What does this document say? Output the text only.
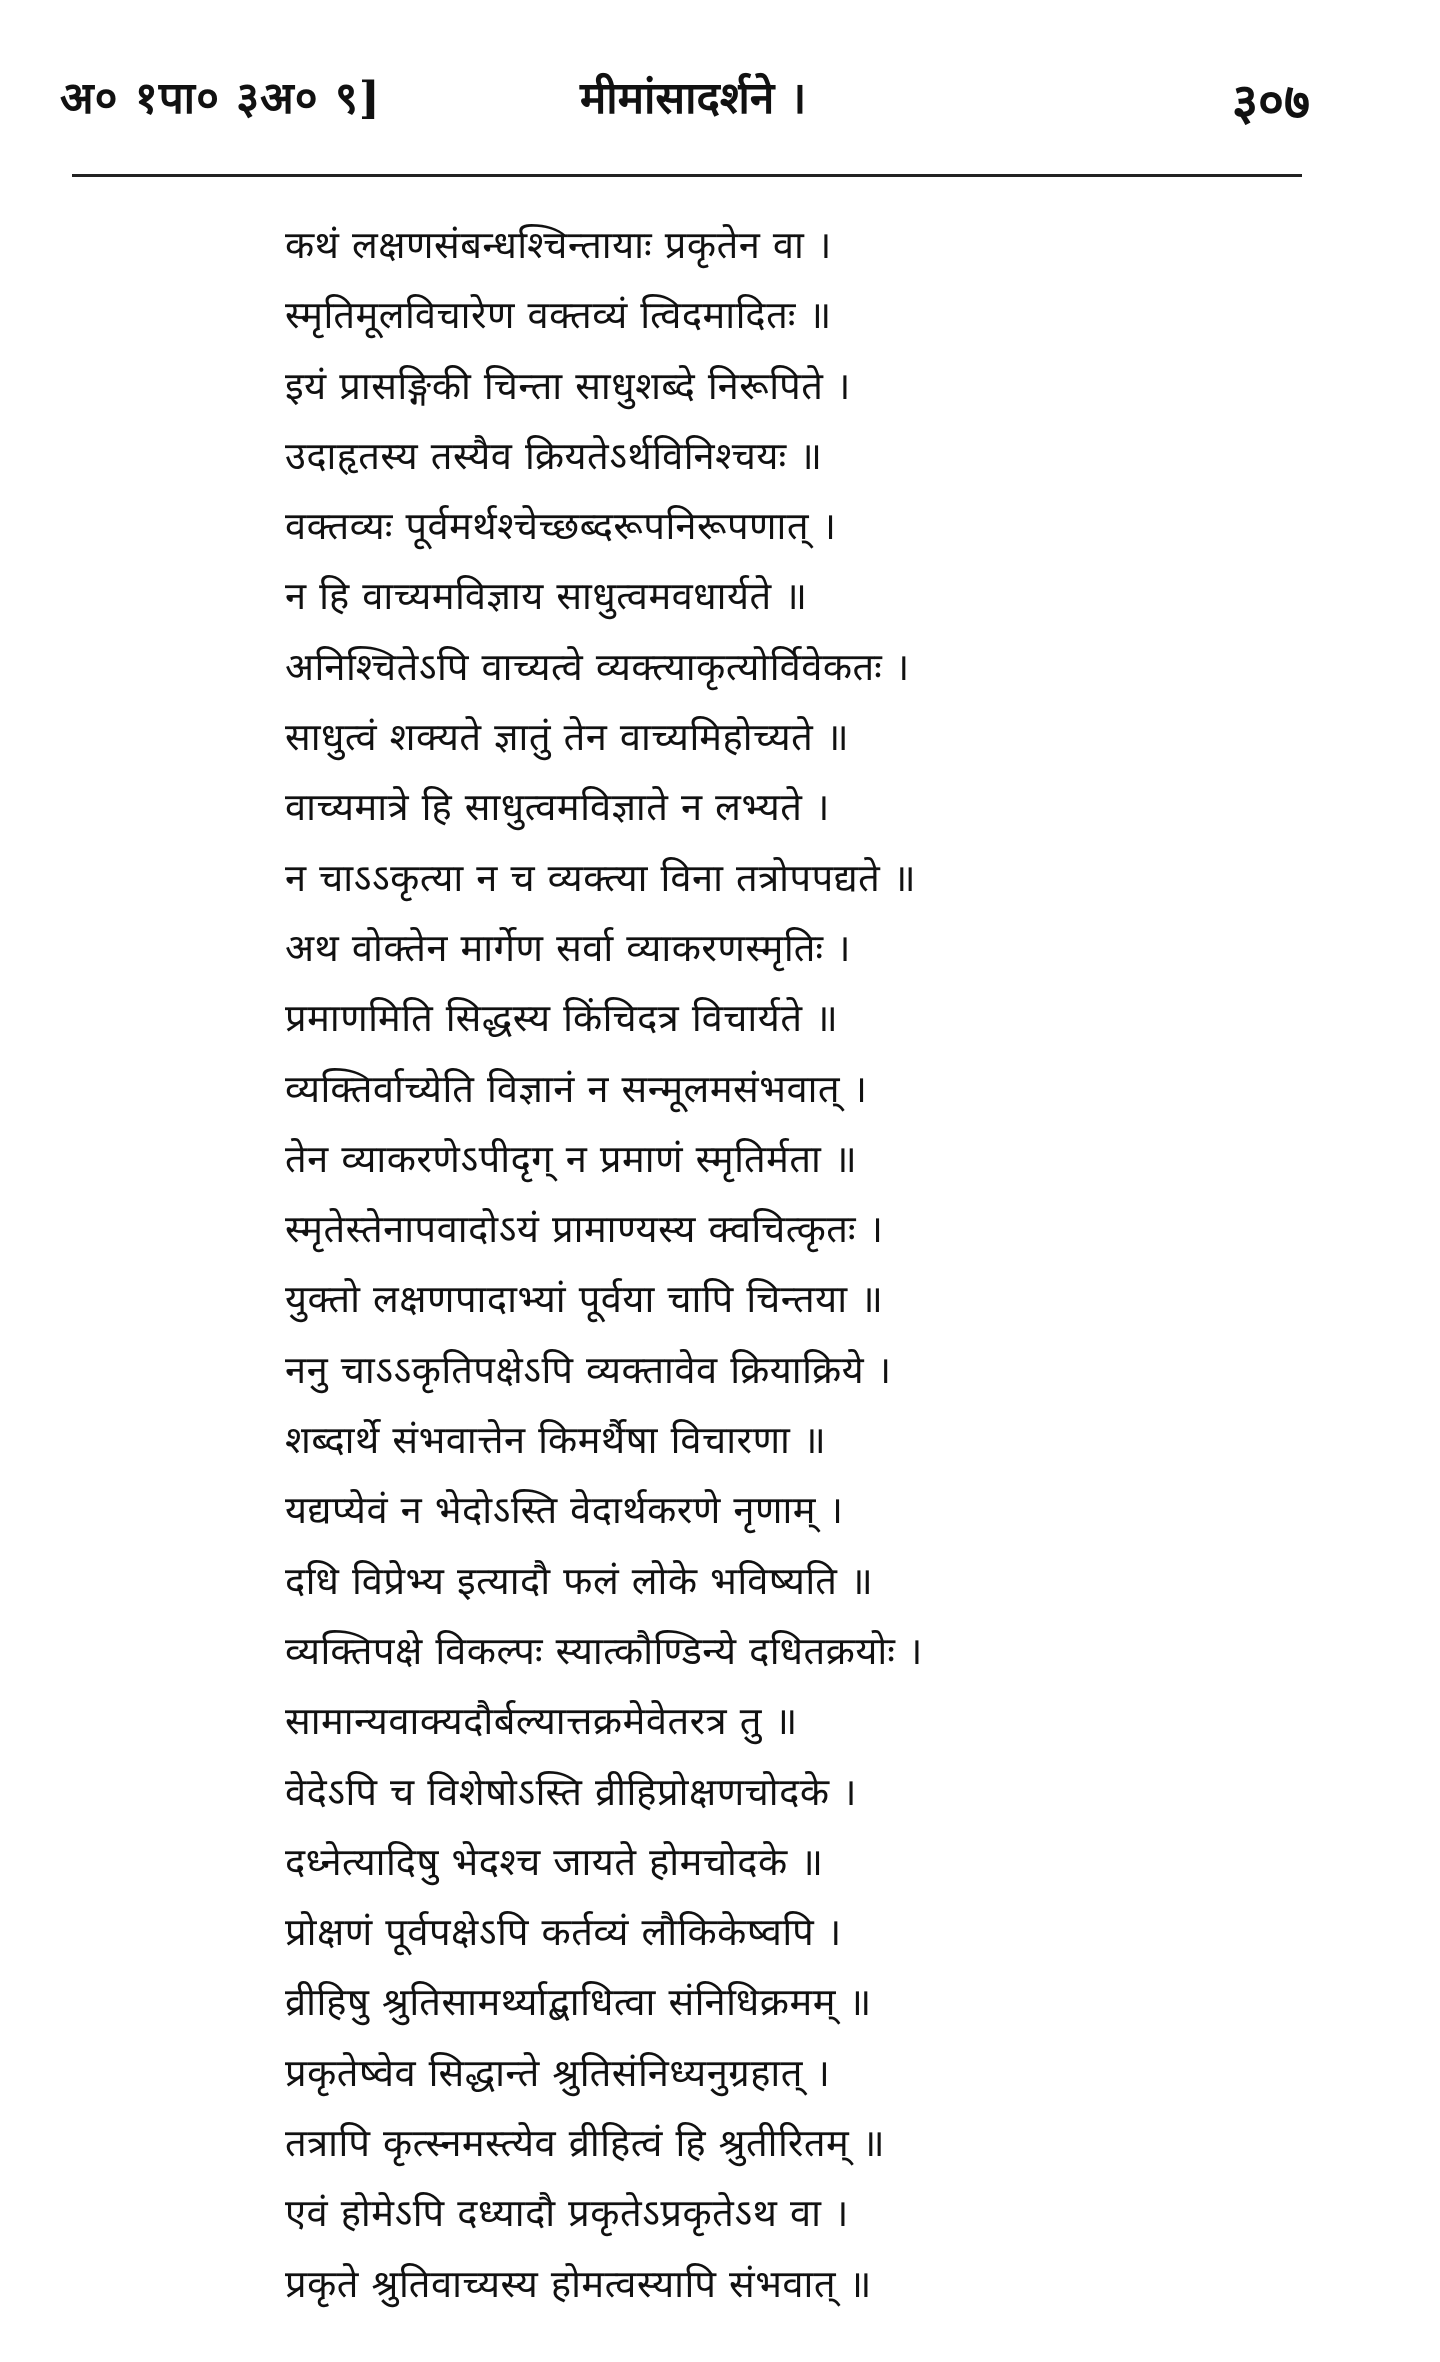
अ० १पा० ३अ० ९]	मीमांसादर्शने ।	३०७
कथं लक्षणसंबन्धश्चिन्तायाः प्रकृतेन वा ।
स्मृतिमूलविचारेण वक्तव्यं त्विदमादितः ॥
इयं प्रासङ्गिकी चिन्ता साधुशब्दे निरूपिते ।
उदाहृतस्य तस्यैव क्रियतेऽर्थविनिश्चयः ॥
वक्तव्यः पूर्वमर्थश्चेच्छब्दरूपनिरूपणात् ।
न हि वाच्यमविज्ञाय साधुत्वमवधार्यते ॥
अनिश्चितेऽपि वाच्यत्वे व्यक्त्याकृत्योर्विवेकतः ।
साधुत्वं शक्यते ज्ञातुं तेन वाच्यमिहोच्यते ॥
वाच्यमात्रे हि साधुत्वमविज्ञाते न लभ्यते ।
न चाऽऽकृत्या न च व्यक्त्या विना तत्रोपपद्यते ॥
अथ वोक्तेन मार्गेण सर्वा व्याकरणस्मृतिः ।
प्रमाणमिति सिद्धस्य किंचिदत्र विचार्यते ॥
व्यक्तिर्वाच्येति विज्ञानं न सन्मूलमसंभवात् ।
तेन व्याकरणेऽपीदृग् न प्रमाणं स्मृतिर्मता ॥
स्मृतेस्तेनापवादोऽयं प्रामाण्यस्य क्वचित्कृतः ।
युक्तो लक्षणपादाभ्यां पूर्वया चापि चिन्तया ॥
ननु चाऽऽकृतिपक्षेऽपि व्यक्तावेव क्रियाक्रिये ।
शब्दार्थे संभवात्तेन किमर्थैषा विचारणा ॥
यद्यप्येवं न भेदोऽस्ति वेदार्थकरणे नृणाम् ।
दधि विप्रेभ्य इत्यादौ फलं लोके भविष्यति ॥
व्यक्तिपक्षे विकल्पः स्यात्कौण्डिन्ये दधितक्रयोः ।
सामान्यवाक्यदौर्बल्यात्तक्रमेवेतरत्र तु ॥
वेदेऽपि च विशेषोऽस्ति व्रीहिप्रोक्षणचोदके ।
दध्नेत्यादिषु भेदश्च जायते होमचोदके ॥
प्रोक्षणं पूर्वपक्षेऽपि कर्तव्यं लौकिकेष्वपि ।
व्रीहिषु श्रुतिसामर्थ्याद्बाधित्वा संनिधिक्रमम् ॥
प्रकृतेष्वेव सिद्धान्ते श्रुतिसंनिध्यनुग्रहात् ।
तत्रापि कृत्स्नमस्त्येव व्रीहित्वं हि श्रुतीरितम् ॥
एवं होमेऽपि दध्यादौ प्रकृतेऽप्रकृतेऽथ वा ।
प्रकृते श्रुतिवाच्यस्य होमत्वस्यापि संभवात् ॥
